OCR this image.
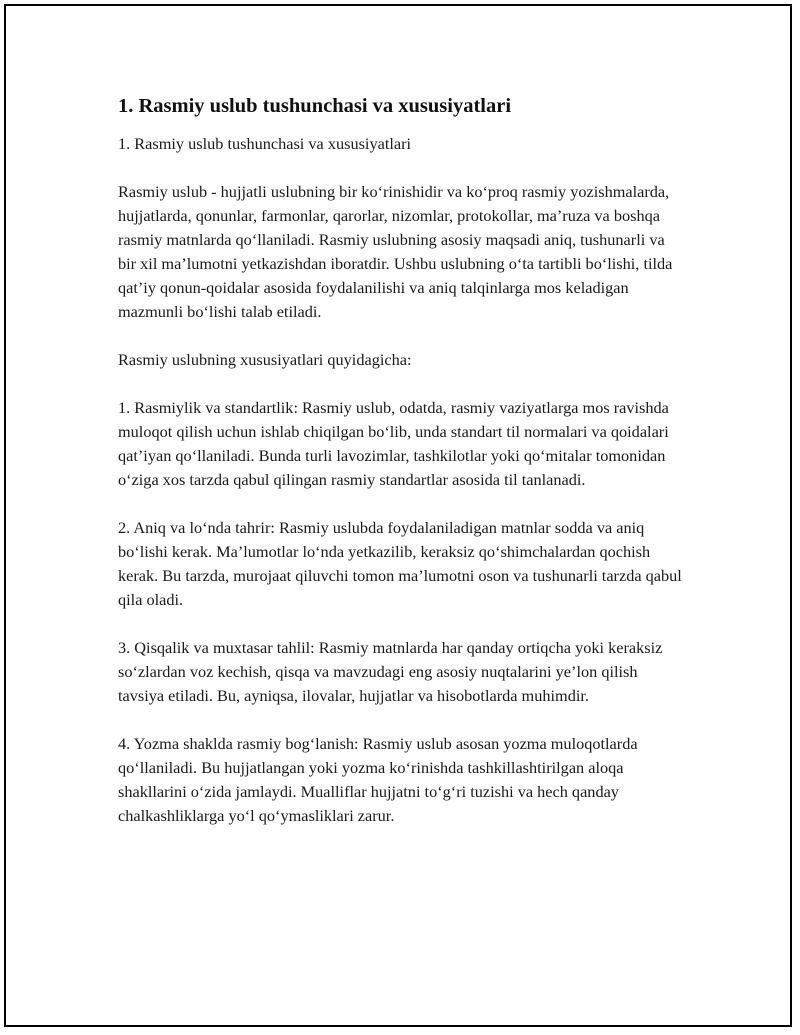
1. Rasmiy uslub tushunchasi va xususiyatlari

1. Rasmiy uslub tushunchasi va xususiyatlari

Rasmiy uslub - hujjatli uslubning bir koʻrinishidir va koʻproq rasmiy yozishmalarda, hujjatlarda, qonunlar, farmonlar, qarorlar, nizomlar, protokollar, maʼruza va boshqa rasmiy matnlarda qoʻllaniladi. Rasmiy uslubning asosiy maqsadi aniq, tushunarli va bir xil maʼlumotni yetkazishdan iboratdir. Ushbu uslubning oʻta tartibli boʻlishi, tilda qatʼiy qonun-qoidalar asosida foydalanilishi va aniq talqinlarga mos keladigan mazmunli boʻlishi talab etiladi.

Rasmiy uslubning xususiyatlari quyidagicha:

1. Rasmiylik va standartlik: Rasmiy uslub, odatda, rasmiy vaziyatlarga mos ravishda muloqot qilish uchun ishlab chiqilgan boʻlib, unda standart til normalari va qoidalari qatʼiyan qoʻllaniladi. Bunda turli lavozimlar, tashkilotlar yoki qoʻmitalar tomonidan oʻziga xos tarzda qabul qilingan rasmiy standartlar asosida til tanlanadi.

2. Aniq va loʻnda tahrir: Rasmiy uslubda foydalaniladigan matnlar sodda va aniq boʻlishi kerak. Maʼlumotlar loʻnda yetkazilib, keraksiz qoʻshimchalardan qochish kerak. Bu tarzda, murojaat qiluvchi tomon maʼlumotni oson va tushunarli tarzda qabul qila oladi.

3. Qisqalik va muxtasar tahlil: Rasmiy matnlarda har qanday ortiqcha yoki keraksiz soʻzlardan voz kechish, qisqa va mavzudagi eng asosiy nuqtalarini yeʼlon qilish tavsiya etiladi. Bu, ayniqsa, ilovalar, hujjatlar va hisobotlarda muhimdir.

4. Yozma shaklda rasmiy bogʻlanish: Rasmiy uslub asosan yozma muloqotlarda qoʻllaniladi. Bu hujjatlangan yoki yozma koʻrinishda tashkillashtirilgan aloqa shakllarini oʻzida jamlaydi. Mualliflar hujjatni toʻgʻri tuzishi va hech qanday chalkashliklarga yoʻl qoʻymasliklari zarur.
